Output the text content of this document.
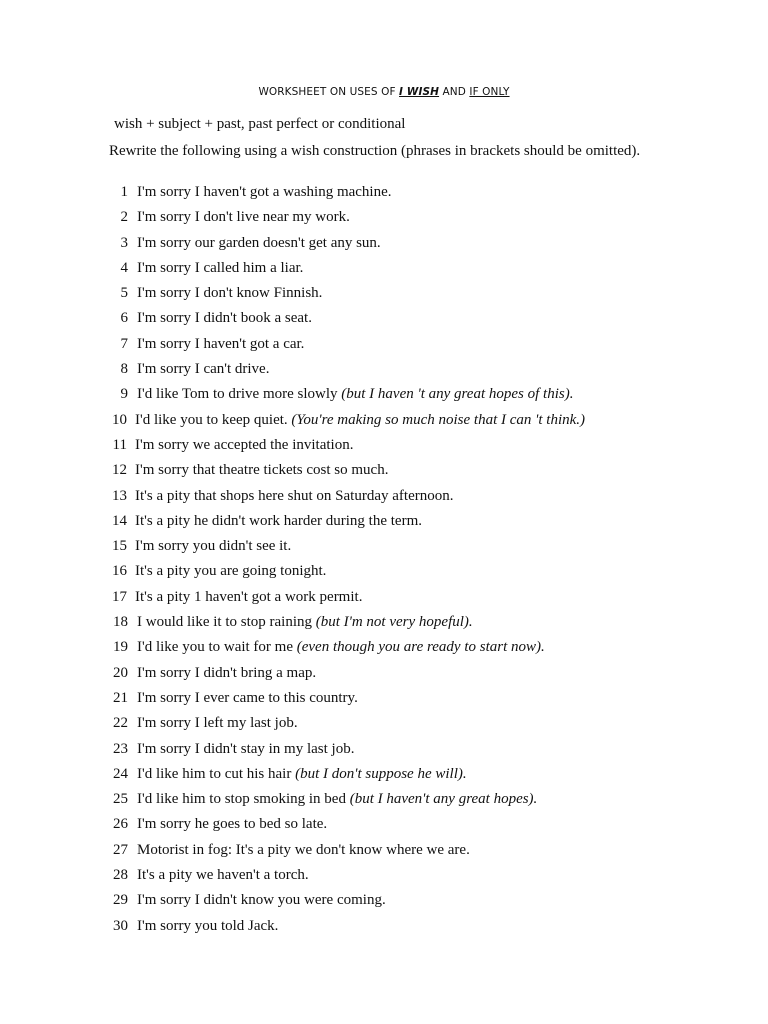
WORKSHEET ON USES OF I WISH AND IF ONLY
wish + subject + past, past perfect or conditional
Rewrite the following using a wish construction (phrases in brackets should be omitted).
1 I'm sorry I haven't got a washing machine.
2 I'm sorry I don't live near my work.
3 I'm sorry our garden doesn't get any sun.
4 I'm sorry I called him a liar.
5 I'm sorry I don't know Finnish.
6 I'm sorry I didn't book a seat.
7 I'm sorry I haven't got a car.
8 I'm sorry I can't drive.
9 I'd like Tom to drive more slowly (but I haven 't any great hopes of this).
10 I'd like you to keep quiet. (You're making so much noise that I can 't think.)
11 I'm sorry we accepted the invitation.
12 I'm sorry that theatre tickets cost so much.
13 It's a pity that shops here shut on Saturday afternoon.
14 It's a pity he didn't work harder during the term.
15 I'm sorry you didn't see it.
16 It's a pity you are going tonight.
17 It's a pity 1 haven't got a work permit.
18 I would like it to stop raining (but I'm not very hopeful).
19 I'd like you to wait for me (even though you are ready to start now).
20 I'm sorry I didn't bring a map.
21 I'm sorry I ever came to this country.
22 I'm sorry I left my last job.
23 I'm sorry I didn't stay in my last job.
24 I'd like him to cut his hair (but I don't suppose he will).
25 I'd like him to stop smoking in bed (but I haven't any great hopes).
26 I'm sorry he goes to bed so late.
27 Motorist in fog: It's a pity we don't know where we are.
28 It's a pity we haven't a torch.
29 I'm sorry I didn't know you were coming.
30 I'm sorry you told Jack.
